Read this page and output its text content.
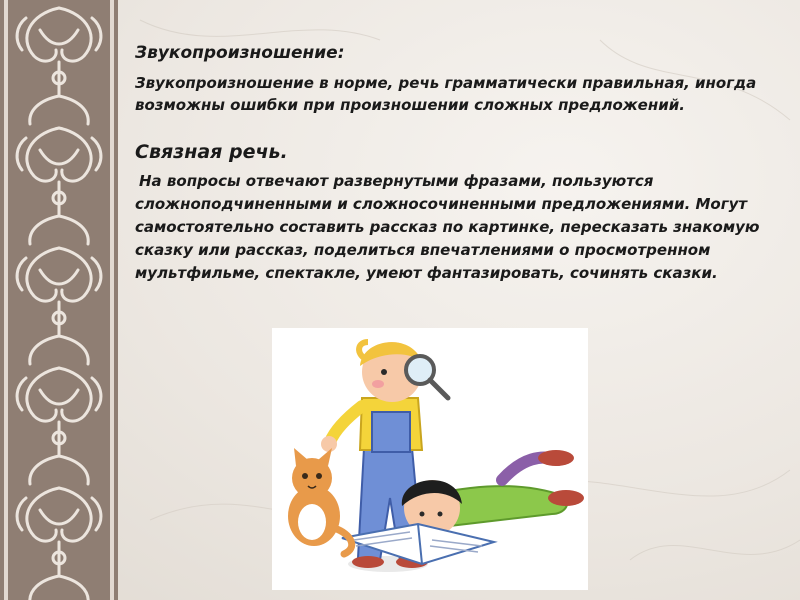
Звукопроизношение:

Звукопроизношение в норме, речь грамматически правильная, иногда возможны ошибки при произношении сложных предложений.

Связная речь.

На вопросы отвечают развернутыми фразами, пользуются сложноподчиненными и сложносочиненными предложениями. Могут самостоятельно составить рассказ по картинке, пересказать знакомую сказку или рассказ, поделиться впечатлениями о просмотренном мультфильме, спектакле, умеют фантазировать, сочинять сказки.
